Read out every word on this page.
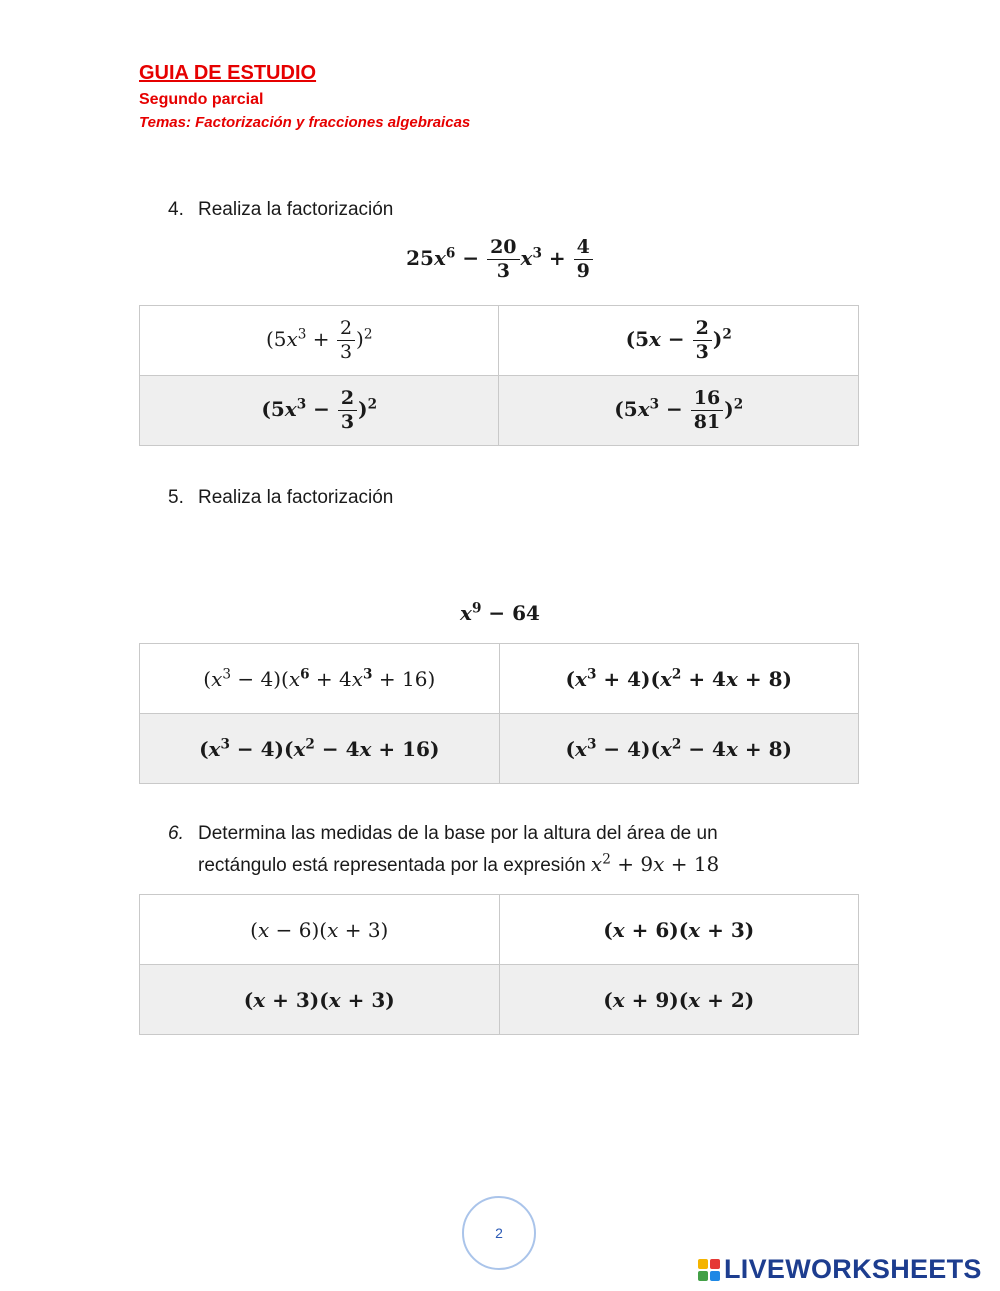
GUIA DE ESTUDIO
Segundo parcial
Temas: Factorización y fracciones algebraicas
4. Realiza la factorización
$25x^6 - \frac{20}{3} x^3 + \frac{4}{9}$
$(5x^3 + \frac{2}{3} )^2$	$(5x - \frac{2}{3} )^2$
$(5x^3 - \frac{2}{3} )^2$	$(5x^3 - \frac{16}{81} )^2$
5. Realiza la factorización
$x^9 - 64$
$(x^3 - 4)(x^6 + 4x^3 + 16)$	$(x^3 + 4)(x^2 + 4x + 8)$
$(x^3 - 4)(x^2 - 4x + 16)$	$(x^3 - 4)(x^2 - 4x + 8)$
6. Determina las medidas de la base por la altura del área de un
rectángulo está representada por la expresión $x^2 + 9x + 18$
(x − 6)(x + 3)	(x + 6)(x + 3)
(x + 3)(x + 3)	(x + 9)(x + 2)
2
LIVEWORKSHEETS
